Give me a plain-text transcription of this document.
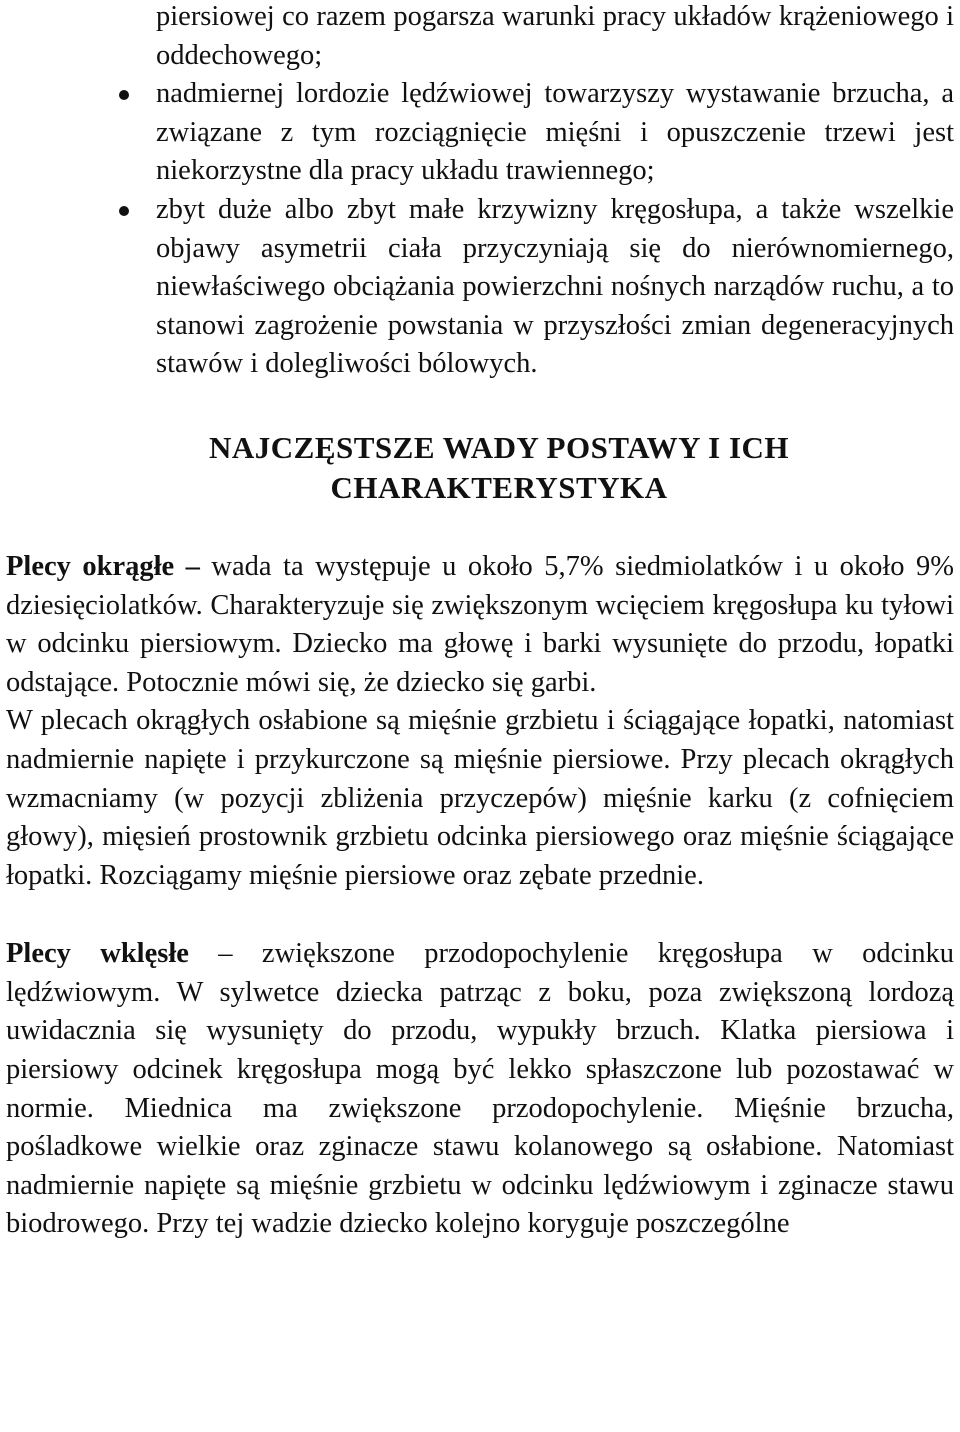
piersiowej co razem pogarsza warunki pracy układów krążeniowego i oddechowego;

nadmiernej lordozie lędźwiowej towarzyszy wystawanie brzucha, a związane z tym rozciągnięcie mięśni i opuszczenie trzewi jest niekorzystne dla pracy układu trawiennego;

zbyt duże albo zbyt małe krzywizny kręgosłupa, a także wszelkie objawy asymetrii ciała przyczyniają się do nierównomiernego, niewłaściwego obciążania powierzchni nośnych narządów ruchu, a to stanowi zagrożenie powstania w przyszłości zmian degeneracyjnych stawów i dolegliwości bólowych.

NAJCZĘSTSZE WADY POSTAWY I ICH
CHARAKTERYSTYKA

Plecy okrągłe – wada ta występuje u około 5,7% siedmiolatków i u około 9% dziesięciolatków. Charakteryzuje się zwiększonym wcięciem kręgosłupa ku tyłowi w odcinku piersiowym. Dziecko ma głowę i barki wysunięte do przodu, łopatki odstające. Potocznie mówi się, że dziecko się garbi.

W plecach okrągłych osłabione są mięśnie grzbietu i ściągające łopatki, natomiast nadmiernie napięte i przykurczone są mięśnie piersiowe. Przy plecach okrągłych wzmacniamy (w pozycji zbliżenia przyczepów) mięśnie karku (z cofnięciem głowy), mięsień prostownik grzbietu odcinka piersiowego oraz mięśnie ściągające łopatki. Rozciągamy mięśnie piersiowe oraz zębate przednie.

Plecy wklęsłe – zwiększone przodopochylenie kręgosłupa w odcinku lędźwiowym. W sylwetce dziecka patrząc z boku, poza zwiększoną lordozą uwidacznia się wysunięty do przodu, wypukły brzuch. Klatka piersiowa i piersiowy odcinek kręgosłupa mogą być lekko spłaszczone lub pozostawać w normie. Miednica ma zwiększone przodopochylenie. Mięśnie brzucha, pośladkowe wielkie oraz zginacze stawu kolanowego są osłabione. Natomiast nadmiernie napięte są mięśnie grzbietu w odcinku lędźwiowym i zginacze stawu biodrowego. Przy tej wadzie dziecko kolejno koryguje poszczególne
